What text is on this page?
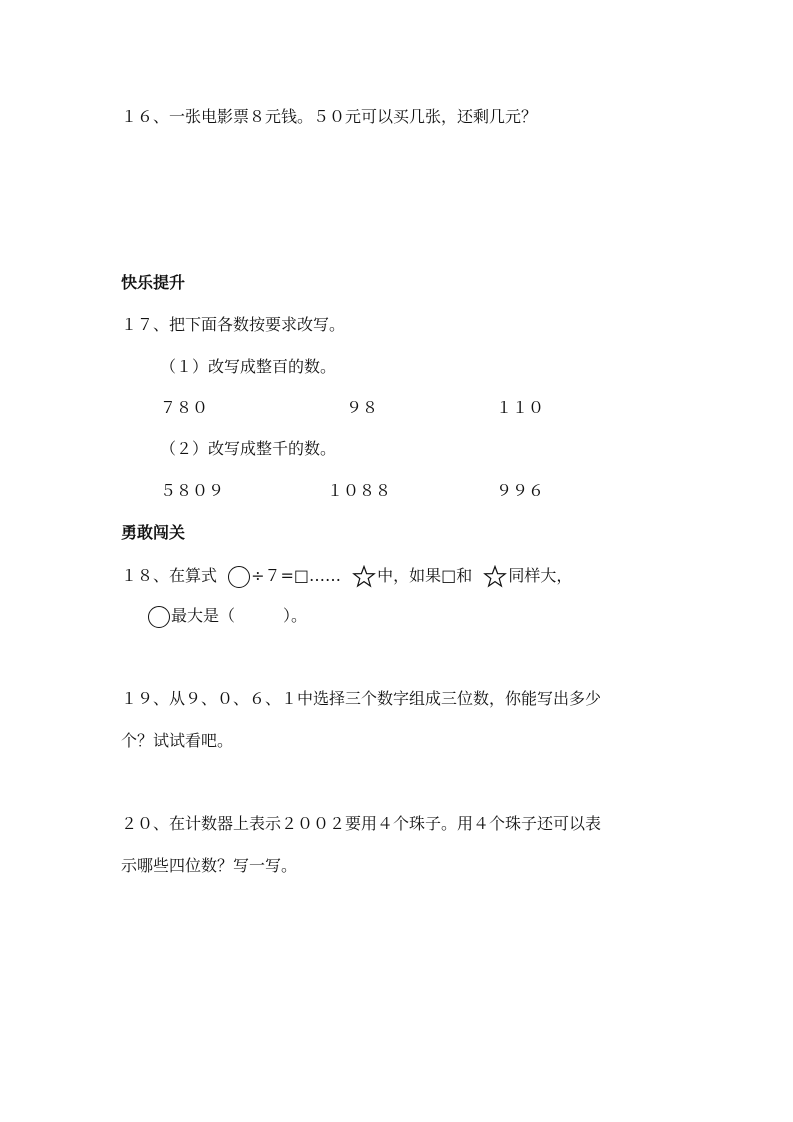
１６、一张电影票８元钱。５０元可以买几张，还剩几元？
快乐提升
１７、把下面各数按要求改写。
（１）改写成整百的数。
７８０	９８	１１０
（２）改写成整千的数。
５８０９	１０８８	９９６
勇敢闯关
１８、在算式 ÷７=□…… 中，如果□和 同样大，
最大是（　　　）。
１９、从９、０、６、１中选择三个数字组成三位数，你能写出多少
个？试试看吧。
２０、在计数器上表示２００２要用４个珠子。用４个珠子还可以表
示哪些四位数？写一写。
